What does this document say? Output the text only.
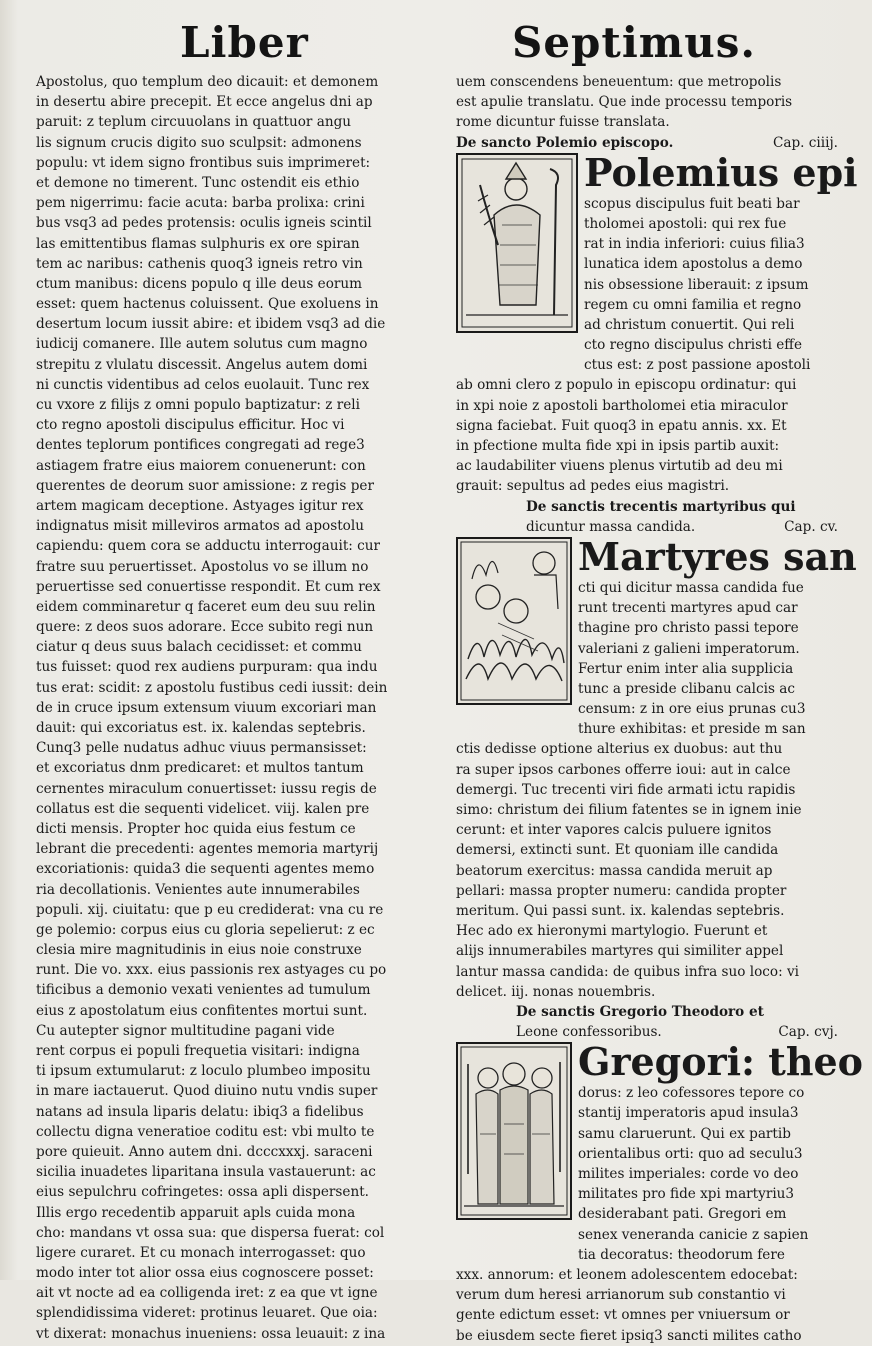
Liber	Septimus.
Apostolus, quo templum deo dicauit: et demonem
in desertu abire precepit. Et ecce angelus dni ap
paruit: z teplum circuuolans in quattuor angu
lis signum crucis digito suo sculpsit: admonens
populu: vt idem signo frontibus suis imprimeret:
et demone no timerent. Tunc ostendit eis ethio
pem nigerrimu: facie acuta: barba prolixa: crini
bus vsq3 ad pedes protensis: oculis igneis scintil
las emittentibus flamas sulphuris ex ore spiran
tem ac naribus: cathenis quoq3 igneis retro vin
ctum manibus: dicens populo q ille deus eorum
esset: quem hactenus coluissent. Que exoluens in
desertum locum iussit abire: et ibidem vsq3 ad die
iudicij comanere. Ille autem solutus cum magno
strepitu z vlulatu discessit. Angelus autem domi
ni cunctis videntibus ad celos euolauit. Tunc rex
cu vxore z filijs z omni populo baptizatur: z reli
cto regno apostoli discipulus efficitur. Hoc vi
dentes teplorum pontifices congregati ad rege3
astiagem fratre eius maiorem conuenerunt: con
querentes de deorum suor amissione: z regis per
artem magicam deceptione. Astyages igitur rex
indignatus misit milleviros armatos ad apostolu
capiendu: quem cora se adductu interrogauit: cur
fratre suu peruertisset. Apostolus vo se illum no
peruertisse sed conuertisse respondit. Et cum rex
eidem comminaretur q faceret eum deu suu relin
quere: z deos suos adorare. Ecce subito regi nun
ciatur q deus suus balach cecidisset: et commu
tus fuisset: quod rex audiens purpuram: qua indu
tus erat: scidit: z apostolu fustibus cedi iussit: dein
de in cruce ipsum extensum viuum excoriari man
dauit: qui excoriatus est. ix. kalendas septebris.
Cunq3 pelle nudatus adhuc viuus permansisset:
et excoriatus dnm predicaret: et multos tantum
cernentes miraculum conuertisset: iussu regis de
collatus est die sequenti videlicet. viij. kalen pre
dicti mensis. Propter hoc quida eius festum ce
lebrant die precedenti: agentes memoria martyrij
excoriationis: quida3 die sequenti agentes memo
ria decollationis. Venientes aute innumerabiles
populi. xij. ciuitatu: que p eu crediderat: vna cu re
ge polemio: corpus eius cu gloria sepelierut: z ec
clesia mire magnitudinis in eius noie construxe
runt. Die vo. xxx. eius passionis rex astyages cu po
tificibus a demonio vexati venientes ad tumulum
eius z apostolatum eius confitentes mortui sunt.
Cu autepter signor multitudine pagani vide
rent corpus ei populi frequetia visitari: indigna
ti ipsum extumularut: z loculo plumbeo impositu
in mare iactauerut. Quod diuino nutu vndis super
natans ad insula liparis delatu: ibiq3 a fidelibus
collectu digna veneratioe coditu est: vbi multo te
pore quieuit. Anno autem dni. dcccxxxj. saraceni
sicilia inuadetes liparitana insula vastauerunt: ac
eius sepulchru cofringetes: ossa apli dispersent.
Illis ergo recedentib apparuit apls cuida mona
cho: mandans vt ossa sua: que dispersa fuerat: col
ligere curaret. Et cu monach interrogasset: quo
modo inter tot alior ossa eius cognoscere posset:
ait vt nocte ad ea colligenda iret: z ea que vt igne
splendidissima videret: protinus leuaret. Que oia:
vt dixerat: monachus inueniens: ossa leuauit: z ina
uem conscendens beneuentum: que metropolis
est apulie translatu. Que inde processu temporis
rome dicuntur fuisse translata.
De sancto Polemio episcopo.	Cap. ciiij.
Polemius epi
scopus discipulus fuit beati bar
tholomei apostoli: qui rex fue
rat in india inferiori: cuius filia3
lunatica idem apostolus a demo
nis obsessione liberauit: z ipsum
regem cu omni familia et regno
ad christum conuertit. Qui reli
cto regno discipulus christi effe
ctus est: z post passione apostoli
ab omni clero z populo in episcopu ordinatur: qui
in xpi noie z apostoli bartholomei etia miraculor
signa faciebat. Fuit quoq3 in epatu annis. xx. Et
in pfectione multa fide xpi in ipsis partib auxit:
ac laudabiliter viuens plenus virtutib ad deu mi
grauit: sepultus ad pedes eius magistri.
De sanctis trecentis martyribus qui
dicuntur massa candida.	Cap. cv.
Martyres san
cti qui dicitur massa candida fue
runt trecenti martyres apud car
thagine pro christo passi tepore
valeriani z galieni imperatorum.
Fertur enim inter alia supplicia
tunc a preside clibanu calcis ac
censum: z in ore eius prunas cu3
thure exhibitas: et preside m san
ctis dedisse optione alterius ex duobus: aut thu
ra super ipsos carbones offerre ioui: aut in calce
demergi. Tuc trecenti viri fide armati ictu rapidis
simo: christum dei filium fatentes se in ignem inie
cerunt: et inter vapores calcis puluere ignitos
demersi, extincti sunt. Et quoniam ille candida
beatorum exercitus: massa candida meruit ap
pellari: massa propter numeru: candida propter
meritum. Qui passi sunt. ix. kalendas septebris.
Hec ado ex hieronymi martylogio. Fuerunt et
alijs innumerabiles martyres qui similiter appel
lantur massa candida: de quibus infra suo loco: vi
delicet. iij. nonas nouembris.
De sanctis Gregorio Theodoro et
Leone confessoribus.	Cap. cvj.
Gregori: theo
dorus: z leo cofessores tepore co
stantij imperatoris apud insula3
samu claruerunt. Qui ex partib
orientalibus orti: quo ad seculu3
milites imperiales: corde vo deo
militates pro fide xpi martyriu3
desiderabant pati. Gregori em
senex veneranda canicie z sapien
tia decoratus: theodorum fere
xxx. annorum: et leonem adolescentem edocebat:
verum dum heresi arrianorum sub constantio vi
gente edictum esset: vt omnes per vniuersum or
be eiusdem secte fieret ipsiq3 sancti milites catho
